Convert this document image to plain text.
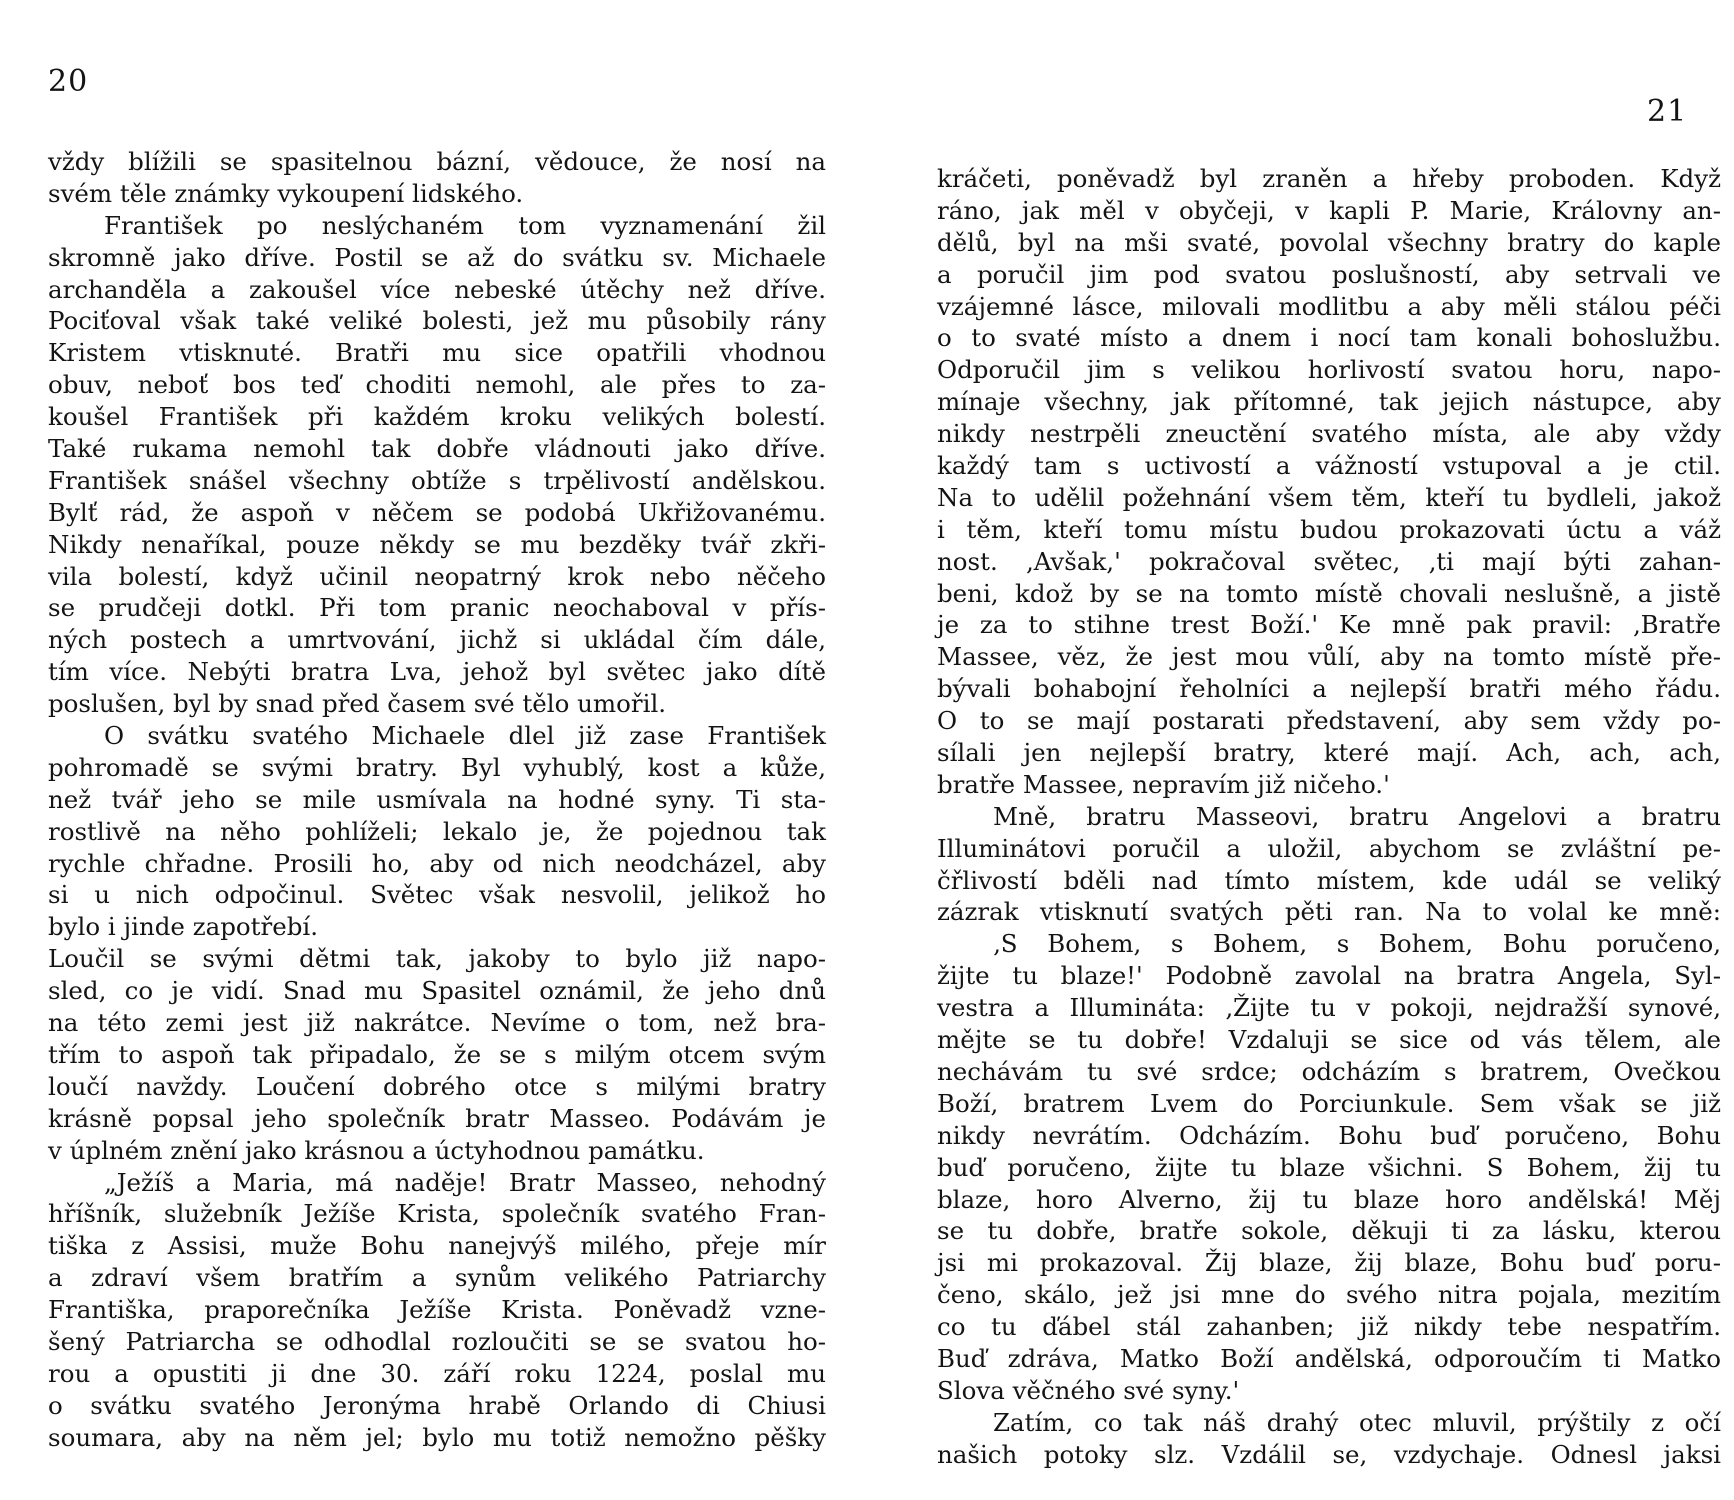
20
vždy blížili se spasitelnou bázní, vědouce, že nosí na
svém těle známky vykoupení lidského.
František po neslýchaném tom vyznamenání žil
skromně jako dříve. Postil se až do svátku sv. Michaele
archanděla a zakoušel více nebeské útěchy než dříve.
Pociťoval však také veliké bolesti, jež mu působily rány
Kristem vtisknuté. Bratři mu sice opatřili vhodnou
obuv, neboť bos teď choditi nemohl, ale přes to za-
koušel František při každém kroku velikých bolestí.
Také rukama nemohl tak dobře vládnouti jako dříve.
František snášel všechny obtíže s trpělivostí andělskou.
Bylť rád, že aspoň v něčem se podobá Ukřižovanému.
Nikdy nenaříkal, pouze někdy se mu bezděky tvář zkři-
vila bolestí, když učinil neopatrný krok nebo něčeho
se prudčeji dotkl. Při tom pranic neochaboval v přís-
ných postech a umrtvování, jichž si ukládal čím dále,
tím více. Nebýti bratra Lva, jehož byl světec jako dítě
poslušen, byl by snad před časem své tělo umořil.
O svátku svatého Michaele dlel již zase František
pohromadě se svými bratry. Byl vyhublý, kost a kůže,
než tvář jeho se mile usmívala na hodné syny. Ti sta-
rostlivě na něho pohlíželi; lekalo je, že pojednou tak
rychle chřadne. Prosili ho, aby od nich neodcházel, aby
si u nich odpočinul. Světec však nesvolil, jelikož ho
bylo i jinde zapotřebí.
Loučil se svými dětmi tak, jakoby to bylo již napo-
sled, co je vidí. Snad mu Spasitel oznámil, že jeho dnů
na této zemi jest již nakrátce. Nevíme o tom, než bra-
třím to aspoň tak připadalo, že se s milým otcem svým
loučí navždy. Loučení dobrého otce s milými bratry
krásně popsal jeho společník bratr Masseo. Podávám je
v úplném znění jako krásnou a úctyhodnou památku.
„Ježíš a Maria, má naděje! Bratr Masseo, nehodný
hříšník, služebník Ježíše Krista, společník svatého Fran-
tiška z Assisi, muže Bohu nanejvýš milého, přeje mír
a zdraví všem bratřím a synům velikého Patriarchy
Františka, praporečníka Ježíše Krista. Poněvadž vzne-
šený Patriarcha se odhodlal rozloučiti se se svatou ho-
rou a opustiti ji dne 30. září roku 1224, poslal mu
o svátku svatého Jeronýma hrabě Orlando di Chiusi
soumara, aby na něm jel; bylo mu totiž nemožno pěšky
21
kráčeti, poněvadž byl zraněn a hřeby proboden. Když
ráno, jak měl v obyčeji, v kapli P. Marie, Královny an-
dělů, byl na mši svaté, povolal všechny bratry do kaple
a poručil jim pod svatou poslušností, aby setrvali ve
vzájemné lásce, milovali modlitbu a aby měli stálou péči
o to svaté místo a dnem i nocí tam konali bohoslužbu.
Odporučil jim s velikou horlivostí svatou horu, napo-
mínaje všechny, jak přítomné, tak jejich nástupce, aby
nikdy nestrpěli zneuctění svatého místa, ale aby vždy
každý tam s uctivostí a vážností vstupoval a je ctil.
Na to udělil požehnání všem těm, kteří tu bydleli, jakož
i těm, kteří tomu místu budou prokazovati úctu a váž
nost. ‚Avšak,' pokračoval světec, ‚ti mají býti zahan-
beni, kdož by se na tomto místě chovali neslušně, a jistě
je za to stihne trest Boží.' Ke mně pak pravil: ‚Bratře
Massee, věz, že jest mou vůlí, aby na tomto místě pře-
bývali bohabojní řeholníci a nejlepší bratři mého řádu.
O to se mají postarati představení, aby sem vždy po-
sílali jen nejlepší bratry, které mají. Ach, ach, ach,
bratře Massee, nepravím již ničeho.'
Mně, bratru Masseovi, bratru Angelovi a bratru
Illuminátovi poručil a uložil, abychom se zvláštní pe-
čřlivostí bděli nad tímto místem, kde udál se veliký
zázrak vtisknutí svatých pěti ran. Na to volal ke mně:
‚S Bohem, s Bohem, s Bohem, Bohu poručeno,
žijte tu blaze!' Podobně zavolal na bratra Angela, Syl-
vestra a Illumináta: ‚Žijte tu v pokoji, nejdražší synové,
mějte se tu dobře! Vzdaluji se sice od vás tělem, ale
nechávám tu své srdce; odcházím s bratrem, Ovečkou
Boží, bratrem Lvem do Porciunkule. Sem však se již
nikdy nevrátím. Odcházím. Bohu buď poručeno, Bohu
buď poručeno, žijte tu blaze všichni. S Bohem, žij tu
blaze, horo Alverno, žij tu blaze horo andělská! Měj
se tu dobře, bratře sokole, děkuji ti za lásku, kterou
jsi mi prokazoval. Žij blaze, žij blaze, Bohu buď poru-
čeno, skálo, jež jsi mne do svého nitra pojala, mezitím
co tu ďábel stál zahanben; již nikdy tebe nespatřím.
Buď zdráva, Matko Boží andělská, odporoučím ti Matko
Slova věčného své syny.'
Zatím, co tak náš drahý otec mluvil, prýštily z očí
našich potoky slz. Vzdálil se, vzdychaje. Odnesl jaksi
